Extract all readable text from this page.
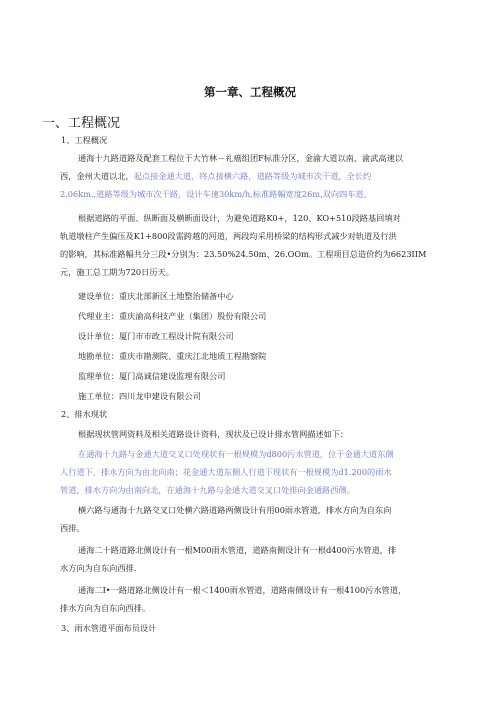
第一章、工程概况
一、工程概况
1、工程概况
通海十九路道路及配套工程位于大竹林－礼癌组团F标准分区，金渝大道以南，渝武高速以
西，金州大道以北，起点接金通大道，终点接横六路，道路等级为城市次干道，全长约
2.06km.,道路等级为城市次干路，设计车速30km/h,标准路幅宽度26m,双向四车道。
根据道路的平面、纵断面及横断面设计，为避免道路K0+，120、KO+510段路基回填对
轨道墩柱产生偏压及K1+800段需跨越的河道，两段均采用桥梁的结构形式减少对轨道及行洪
的影响，其标准路幅共分三段•分别为：23.50%24.50m、26.OOm。工程项目总造价约为6623IIM
元，施工总工期为720日历天。
建设单位：重庆北部新区土地整治储备中心
代理业主：重庆渝高科技产业（集团）股份有限公司
设计单位：厦门市市政工程设计院有限公司
地勘单位：重庆市勘测院、重庆江北地质工程勘察院
监理单位：厦门高诚信建设监理有限公司
施工单位：四川龙申建设有限公司
2、排水现状
根据现状管网资料及相关道路设计资料，现状及已设计排水管网描述如下：
在通海十九路与金通大道交叉口处现状有一根规模为d800污水管道，位于金通大道东侧
人行道下，排水方向为由北向南；花金通大道东侧人行道下现状有一根规模为d1.200的雨水
管道，排水方向为由南向北，在通海十九路与金通大道交叉口处排向金通路西侧。
横六路与通海十九路交叉口处横六路道路两侧设计有用00雨水管道，排水方向为自东向
西排。
通海二十路道路北侧设计有一根M00雨水管道，道路南侧设计有一根d400污水管道，排
水方向为自东向西排.
通海二I•一路道路北侧设计有一根＜1400雨水管道，道路南侧设计有一根4100污水管道，
排水方向为自东向西排。
3、雨水管道平面布员设计
